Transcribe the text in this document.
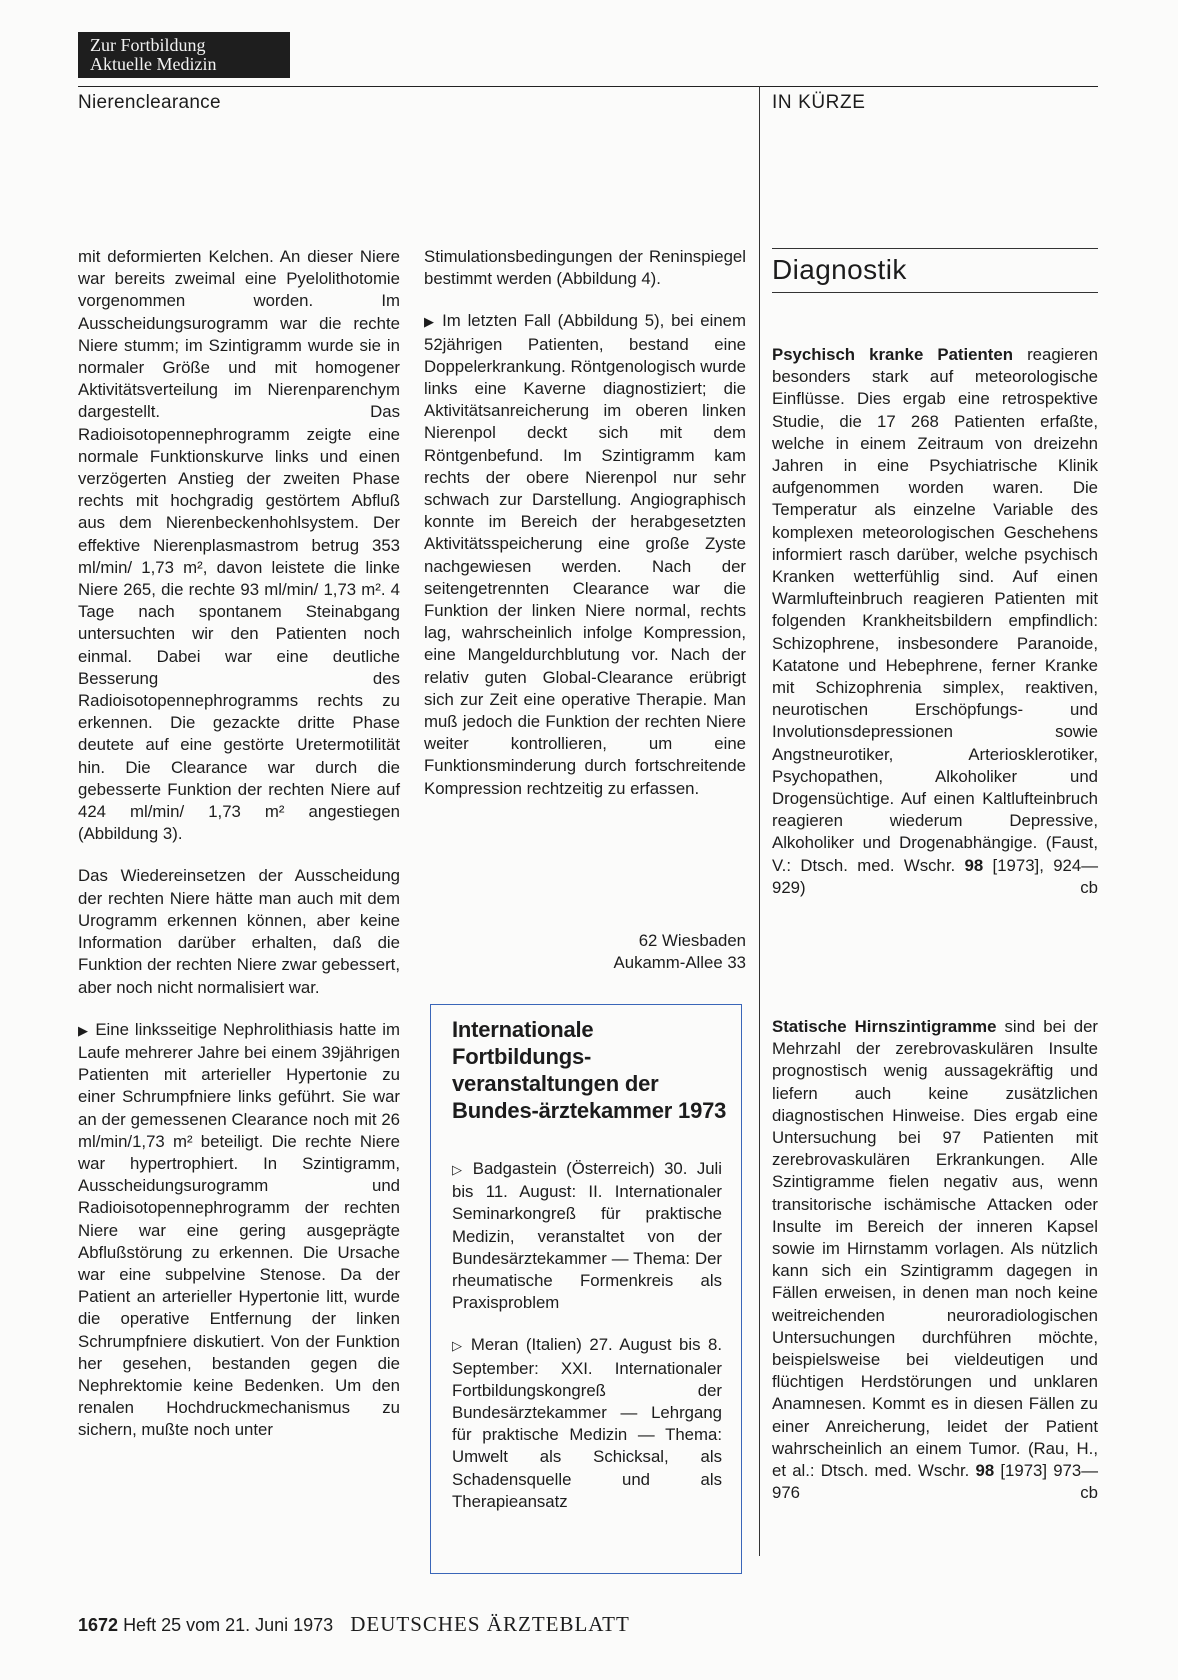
Zur Fortbildung
Aktuelle Medizin
Nierenclearance	IN KÜRZE

mit deformierten Kelchen. An dieser Niere war bereits zweimal eine Pyelolithotomie vorgenommen worden. Im Ausscheidungsurogramm war die rechte Niere stumm; im Szintigramm wurde sie in normaler Größe und mit homogener Aktivitätsverteilung im Nierenparenchym dargestellt. Das Radioisotopennephrogramm zeigte eine normale Funktionskurve links und einen verzögerten Anstieg der zweiten Phase rechts mit hochgradig gestörtem Abfluß aus dem Nierenbeckenhohlsystem. Der effektive Nierenplasmastrom betrug 353 ml/min/ 1,73 m², davon leistete die linke Niere 265, die rechte 93 ml/min/ 1,73 m². 4 Tage nach spontanem Steinabgang untersuchten wir den Patienten noch einmal. Dabei war eine deutliche Besserung des Radioisotopennephrogramms rechts zu erkennen. Die gezackte dritte Phase deutete auf eine gestörte Uretermotilität hin. Die Clearance war durch die gebesserte Funktion der rechten Niere auf 424 ml/min/ 1,73 m² angestiegen (Abbildung 3).

Das Wiedereinsetzen der Ausscheidung der rechten Niere hätte man auch mit dem Urogramm erkennen können, aber keine Information darüber erhalten, daß die Funktion der rechten Niere zwar gebessert, aber noch nicht normalisiert war.

▶ Eine linksseitige Nephrolithiasis hatte im Laufe mehrerer Jahre bei einem 39jährigen Patienten mit arterieller Hypertonie zu einer Schrumpfniere links geführt. Sie war an der gemessenen Clearance noch mit 26 ml/min/1,73 m² beteiligt. Die rechte Niere war hypertrophiert. In Szintigramm, Ausscheidungsurogramm und Radioisotopennephrogramm der rechten Niere war eine gering ausgeprägte Abflußstörung zu erkennen. Die Ursache war eine subpelvine Stenose. Da der Patient an arterieller Hypertonie litt, wurde die operative Entfernung der linken Schrumpfniere diskutiert. Von der Funktion her gesehen, bestanden gegen die Nephrektomie keine Bedenken. Um den renalen Hochdruckmechanismus zu sichern, mußte noch unter

Stimulationsbedingungen der Reninspiegel bestimmt werden (Abbildung 4).

▶ Im letzten Fall (Abbildung 5), bei einem 52jährigen Patienten, bestand eine Doppelerkrankung. Röntgenologisch wurde links eine Kaverne diagnostiziert; die Aktivitätsanreicherung im oberen linken Nierenpol deckt sich mit dem Röntgenbefund. Im Szintigramm kam rechts der obere Nierenpol nur sehr schwach zur Darstellung. Angiographisch konnte im Bereich der herabgesetzten Aktivitätsspeicherung eine große Zyste nachgewiesen werden. Nach der seitengetrennten Clearance war die Funktion der linken Niere normal, rechts lag, wahrscheinlich infolge Kompression, eine Mangeldurchblutung vor. Nach der relativ guten Global-Clearance erübrigt sich zur Zeit eine operative Therapie. Man muß jedoch die Funktion der rechten Niere weiter kontrollieren, um eine Funktionsminderung durch fortschreitende Kompression rechtzeitig zu erfassen.

62 Wiesbaden
Aukamm-Allee 33
Internationale Fortbildungs-veranstaltungen der Bundes-ärztekammer 1973

▷ Badgastein (Österreich) 30. Juli bis 11. August: II. Internationaler Seminarkongreß für praktische Medizin, veranstaltet von der Bundesärztekammer — Thema: Der rheumatische Formenkreis als Praxisproblem

▷ Meran (Italien) 27. August bis 8. September: XXI. Internationaler Fortbildungskongreß der Bundesärztekammer — Lehrgang für praktische Medizin — Thema: Umwelt als Schicksal, als Schadensquelle und als Therapieansatz

Diagnostik

Psychisch kranke Patienten reagieren besonders stark auf meteorologische Einflüsse. Dies ergab eine retrospektive Studie, die 17 268 Patienten erfaßte, welche in einem Zeitraum von dreizehn Jahren in eine Psychiatrische Klinik aufgenommen worden waren. Die Temperatur als einzelne Variable des komplexen meteorologischen Geschehens informiert rasch darüber, welche psychisch Kranken wetterfühlig sind. Auf einen Warmlufteinbruch reagieren Patienten mit folgenden Krankheitsbildern empfindlich: Schizophrene, insbesondere Paranoide, Katatone und Hebephrene, ferner Kranke mit Schizophrenia simplex, reaktiven, neurotischen Erschöpfungs- und Involutionsdepressionen sowie Angstneurotiker, Arteriosklerotiker, Psychopathen, Alkoholiker und Drogensüchtige. Auf einen Kaltlufteinbruch reagieren wiederum Depressive, Alkoholiker und Drogenabhängige. (Faust, V.: Dtsch. med. Wschr. 98 [1973], 924—929)	cb

Statische Hirnszintigramme sind bei der Mehrzahl der zerebrovaskulären Insulte prognostisch wenig aussagekräftig und liefern auch keine zusätzlichen diagnostischen Hinweise. Dies ergab eine Untersuchung bei 97 Patienten mit zerebrovaskulären Erkrankungen. Alle Szintigramme fielen negativ aus, wenn transitorische ischämische Attacken oder Insulte im Bereich der inneren Kapsel sowie im Hirnstamm vorlagen. Als nützlich kann sich ein Szintigramm dagegen in Fällen erweisen, in denen man noch keine weitreichenden neuroradiologischen Untersuchungen durchführen möchte, beispielsweise bei vieldeutigen und flüchtigen Herdstörungen und unklaren Anamnesen. Kommt es in diesen Fällen zu einer Anreicherung, leidet der Patient wahrscheinlich an einem Tumor. (Rau, H., et al.: Dtsch. med. Wschr. 98 [1973] 973—976	cb

1672 Heft 25 vom 21. Juni 1973 DEUTSCHES ÄRZTEBLATT
